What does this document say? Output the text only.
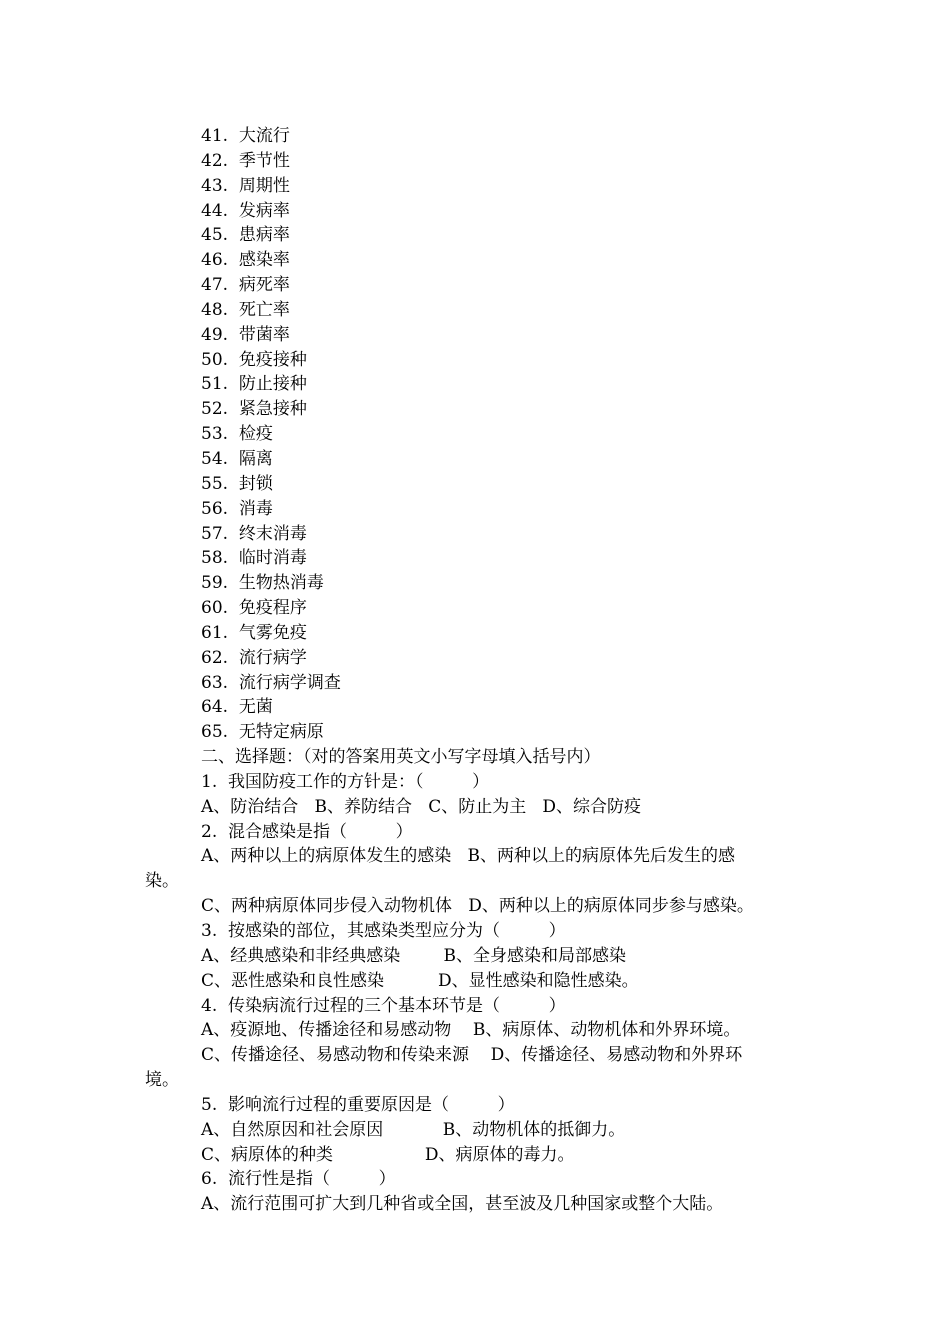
41.  大流行
42.  季节性
43.  周期性
44.  发病率
45.  患病率
46.  感染率
47.  病死率
48.  死亡率
49.  带菌率
50.  免疫接种
51.  防止接种
52.  紧急接种
53.  检疫
54.  隔离
55.  封锁
56.  消毒
57.  终末消毒
58.  临时消毒
59.  生物热消毒
60.  免疫程序
61.  气雾免疫
62.  流行病学
63.  流行病学调查
64.  无菌
65.  无特定病原
二、选择题：（对的答案用英文小写字母填入括号内）
1.  我国防疫工作的方针是：（         ）
A、防治结合   B、养防结合   C、防止为主   D、综合防疫
2.  混合感染是指（         ）
A、两种以上的病原体发生的感染   B、两种以上的病原体先后发生的感
染。
C、两种病原体同步侵入动物机体   D、两种以上的病原体同步参与感染。
3.  按感染的部位，其感染类型应分为（         ）
A、经典感染和非经典感染        B、全身感染和局部感染
C、恶性感染和良性感染          D、显性感染和隐性感染。
4.  传染病流行过程的三个基本环节是（         ）
A、疫源地、传播途径和易感动物    B、病原体、动物机体和外界环境。
C、传播途径、易感动物和传染来源    D、传播途径、易感动物和外界环
境。
5.  影响流行过程的重要原因是（         ）
A、自然原因和社会原因           B、动物机体的抵御力。
C、病原体的种类                 D、病原体的毒力。
6.  流行性是指（         ）
A、流行范围可扩大到几种省或全国，甚至波及几种国家或整个大陆。
